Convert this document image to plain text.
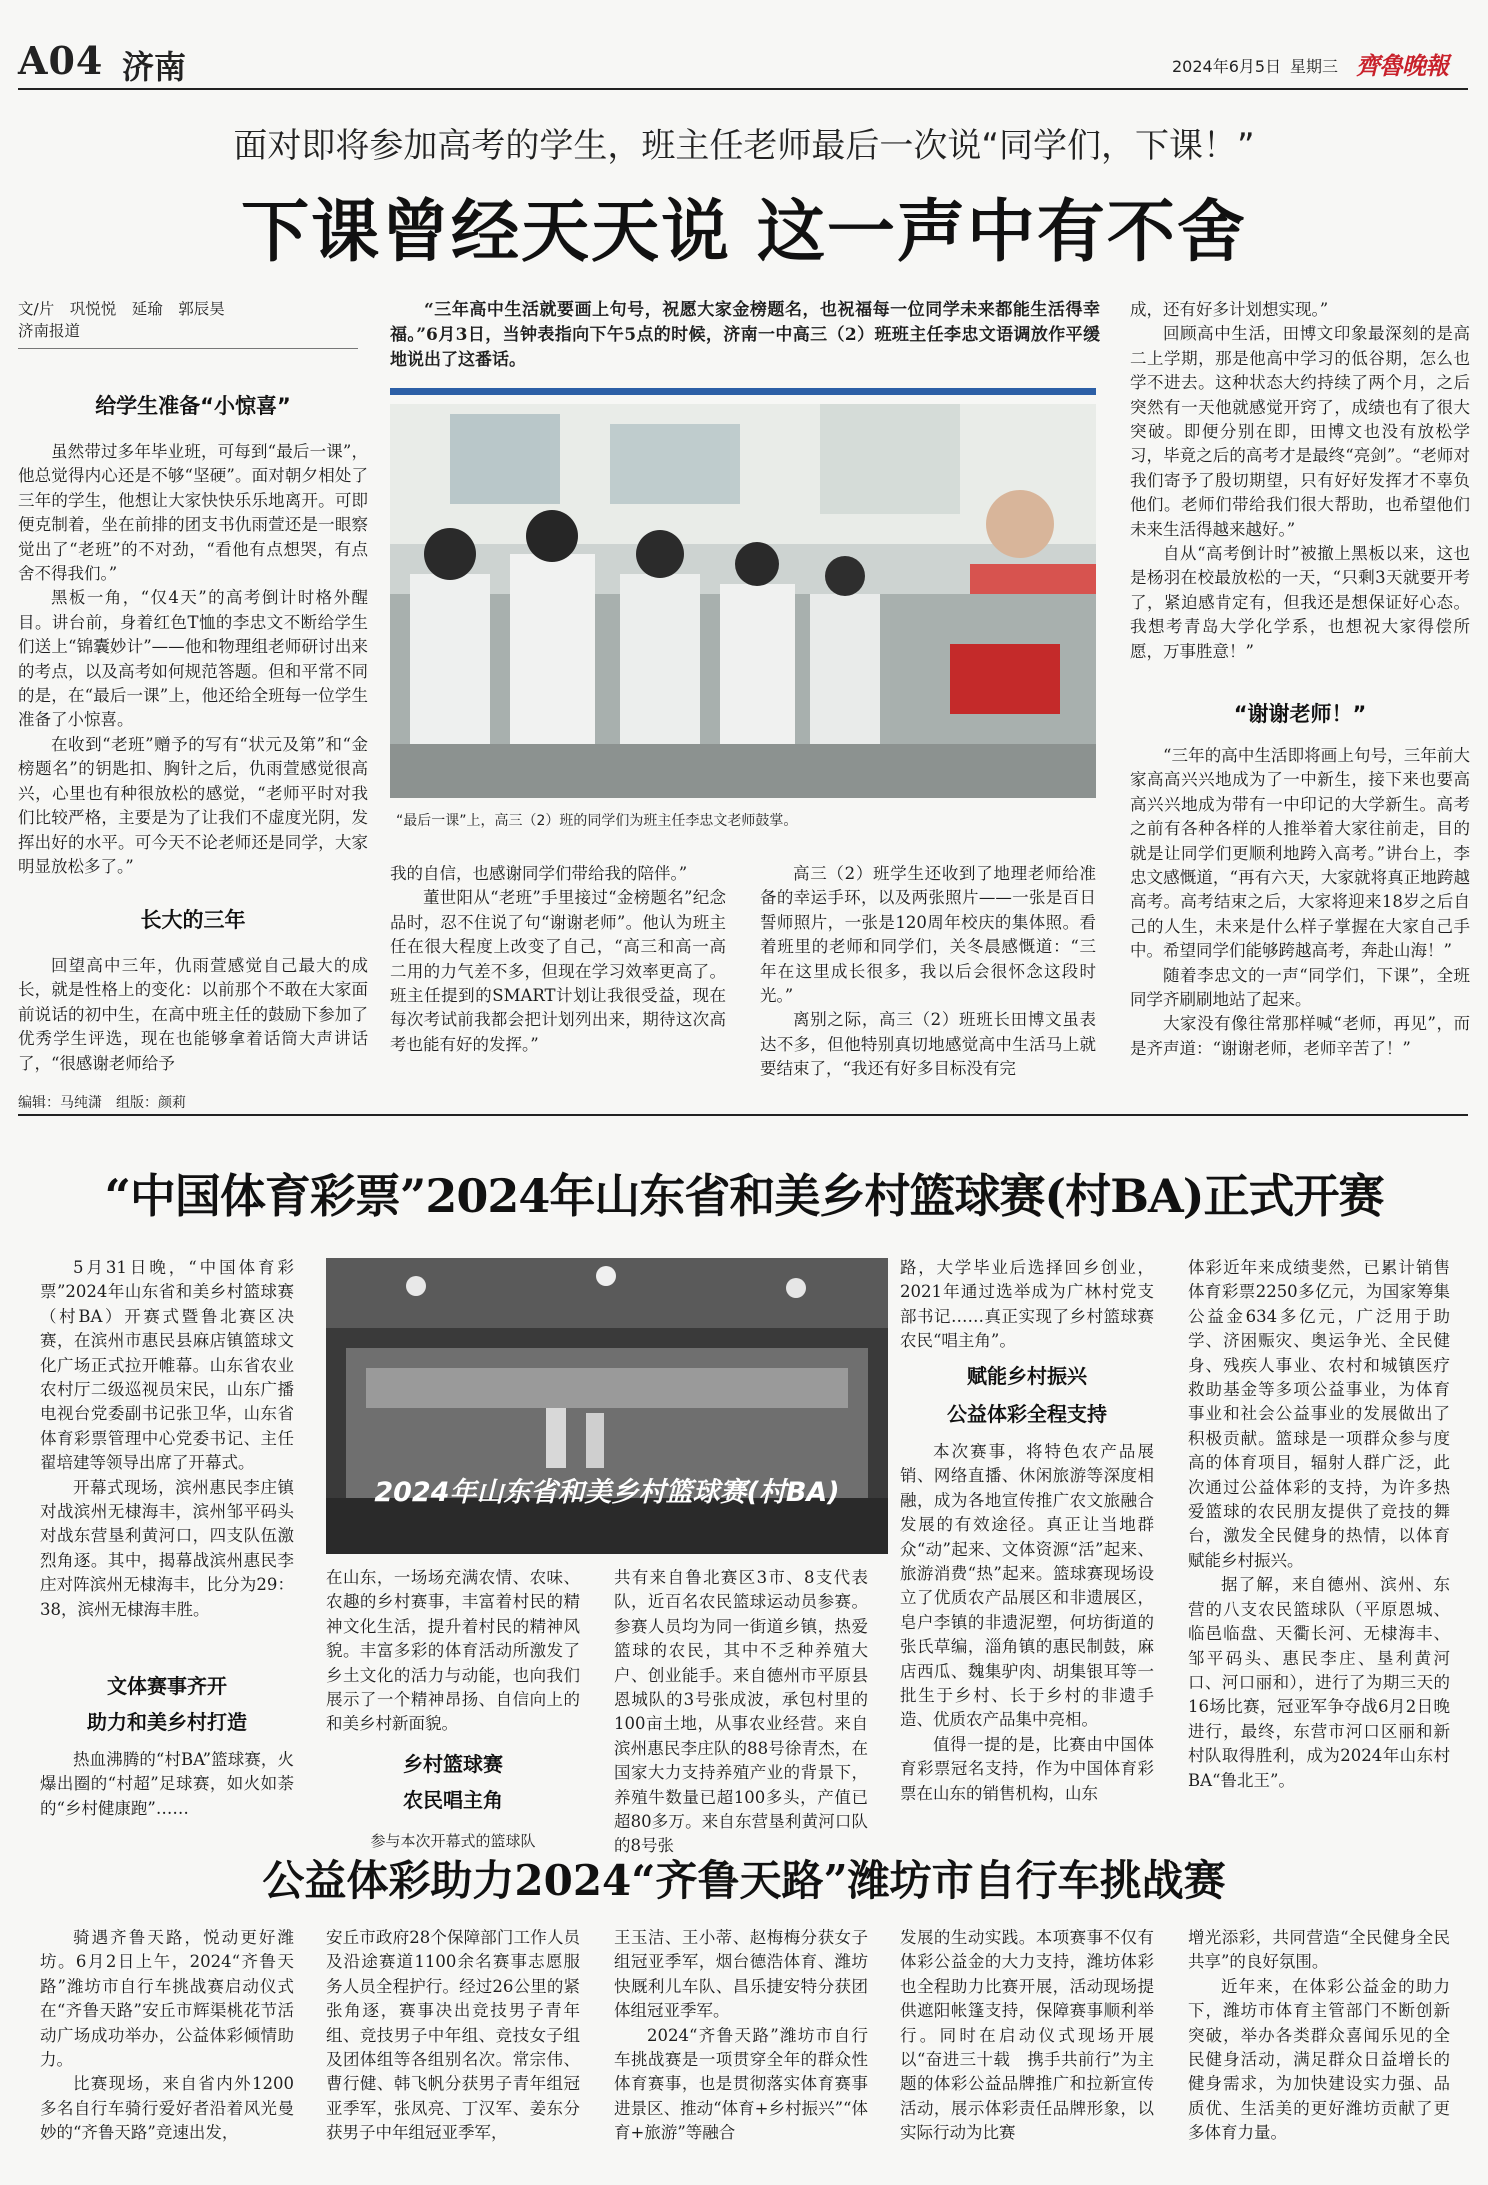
A04 济南	2024年6月5日 星期三 齊魯晚報
面对即将参加高考的学生，班主任老师最后一次说“同学们，下课！”
下课曾经天天说 这一声中有不舍
文/片　巩悦悦　延瑜　郭辰昊
济南报道
给学生准备“小惊喜”

虽然带过多年毕业班，可每到“最后一课”，他总觉得内心还是不够“坚硬”。面对朝夕相处了三年的学生，他想让大家快快乐乐地离开。可即便克制着，坐在前排的团支书仇雨萱还是一眼察觉出了“老班”的不对劲，“看他有点想哭，有点舍不得我们。”

黑板一角，“仅4天”的高考倒计时格外醒目。讲台前，身着红色T恤的李忠文不断给学生们送上“锦囊妙计”——他和物理组老师研讨出来的考点，以及高考如何规范答题。但和平常不同的是，在“最后一课”上，他还给全班每一位学生准备了小惊喜。

在收到“老班”赠予的写有“状元及第”和“金榜题名”的钥匙扣、胸针之后，仇雨萱感觉很高兴，心里也有种很放松的感觉，“老师平时对我们比较严格，主要是为了让我们不虚度光阴，发挥出好的水平。可今天不论老师还是同学，大家明显放松多了。”

长大的三年

回望高中三年，仇雨萱感觉自己最大的成长，就是性格上的变化：以前那个不敢在大家面前说话的初中生，在高中班主任的鼓励下参加了优秀学生评选，现在也能够拿着话筒大声讲话了，“很感谢老师给予

“三年高中生活就要画上句号，祝愿大家金榜题名，也祝福每一位同学未来都能生活得幸福。”6月3日，当钟表指向下午5点的时候，济南一中高三（2）班班主任李忠文语调放作平缓地说出了这番话。

“最后一课”上，高三（2）班的同学们为班主任李忠文老师鼓掌。

我的自信，也感谢同学们带给我的陪伴。”

董世阳从“老班”手里接过“金榜题名”纪念品时，忍不住说了句“谢谢老师”。他认为班主任在很大程度上改变了自己，“高三和高一高二用的力气差不多，但现在学习效率更高了。班主任提到的SMART计划让我很受益，现在每次考试前我都会把计划列出来，期待这次高考也能有好的发挥。”

高三（2）班学生还收到了地理老师给准备的幸运手环，以及两张照片——一张是百日誓师照片，一张是120周年校庆的集体照。看着班里的老师和同学们，关冬晨感慨道：“三年在这里成长很多，我以后会很怀念这段时光。”

离别之际，高三（2）班班长田博文虽表达不多，但他特别真切地感觉高中生活马上就要结束了，“我还有好多目标没有完

成，还有好多计划想实现。”

回顾高中生活，田博文印象最深刻的是高二上学期，那是他高中学习的低谷期，怎么也学不进去。这种状态大约持续了两个月，之后突然有一天他就感觉开窍了，成绩也有了很大突破。即便分别在即，田博文也没有放松学习，毕竟之后的高考才是最终“亮剑”。“老师对我们寄予了殷切期望，只有好好发挥才不辜负他们。老师们带给我们很大帮助，也希望他们未来生活得越来越好。”

自从“高考倒计时”被撤上黑板以来，这也是杨羽在校最放松的一天，“只剩3天就要开考了，紧迫感肯定有，但我还是想保证好心态。我想考青岛大学化学系，也想祝大家得偿所愿，万事胜意！”

“谢谢老师！”

“三年的高中生活即将画上句号，三年前大家高高兴兴地成为了一中新生，接下来也要高高兴兴地成为带有一中印记的大学新生。高考之前有各种各样的人推举着大家往前走，目的就是让同学们更顺利地跨入高考。”讲台上，李忠文感慨道，“再有六天，大家就将真正地跨越高考。高考结束之后，大家将迎来18岁之后自己的人生，未来是什么样子掌握在大家自己手中。希望同学们能够跨越高考，奔赴山海！”

随着李忠文的一声“同学们，下课”，全班同学齐刷刷地站了起来。

大家没有像往常那样喊“老师，再见”，而是齐声道：“谢谢老师，老师辛苦了！”

编辑：马纯潇　组版：颜莉
“中国体育彩票”2024年山东省和美乡村篮球赛(村BA)正式开赛

5月31日晚，“中国体育彩票”2024年山东省和美乡村篮球赛（村BA）开赛式暨鲁北赛区决赛，在滨州市惠民县麻店镇篮球文化广场正式拉开帷幕。山东省农业农村厅二级巡视员宋民，山东广播电视台党委副书记张卫华，山东省体育彩票管理中心党委书记、主任翟培建等领导出席了开幕式。

开幕式现场，滨州惠民李庄镇对战滨州无棣海丰，滨州邹平码头对战东营垦利黄河口，四支队伍激烈角逐。其中，揭幕战滨州惠民李庄对阵滨州无棣海丰，比分为29：38，滨州无棣海丰胜。

文体赛事齐开
助力和美乡村打造

热血沸腾的“村BA”篮球赛，火爆出圈的“村超”足球赛，如火如荼的“乡村健康跑”……

2024年山东省和美乡村篮球赛(村BA)

在山东，一场场充满农情、农味、农趣的乡村赛事，丰富着村民的精神文化生活，提升着村民的精神风貌。丰富多彩的体育活动所激发了乡土文化的活力与动能，也向我们展示了一个精神昂扬、自信向上的和美乡村新面貌。

乡村篮球赛
农民唱主角
参与本次开幕式的篮球队

共有来自鲁北赛区3市、8支代表队，近百名农民篮球运动员参赛。参赛人员均为同一街道乡镇，热爱篮球的农民，其中不乏种养殖大户、创业能手。来自德州市平原县恩城队的3号张成波，承包村里的100亩土地，从事农业经营。来自滨州惠民李庄队的88号徐青杰，在国家大力支持养殖产业的背景下，养殖牛数量已超100多头，产值已超80多万。来自东营垦利黄河口队的8号张

路，大学毕业后选择回乡创业，2021年通过选举成为广林村党支部书记……真正实现了乡村篮球赛农民“唱主角”。

赋能乡村振兴
公益体彩全程支持

本次赛事，将特色农产品展销、网络直播、休闲旅游等深度相融，成为各地宣传推广农文旅融合发展的有效途径。真正让当地群众“动”起来、文体资源“活”起来、旅游消费“热”起来。篮球赛现场设立了优质农产品展区和非遗展区，皂户李镇的非遗泥塑，何坊街道的张氏草编，淄角镇的惠民制鼓，麻店西瓜、魏集驴肉、胡集银耳等一批生于乡村、长于乡村的非遗手造、优质农产品集中亮相。

值得一提的是，比赛由中国体育彩票冠名支持，作为中国体育彩票在山东的销售机构，山东

体彩近年来成绩斐然，已累计销售体育彩票2250多亿元，为国家筹集公益金634多亿元，广泛用于助学、济困赈灾、奥运争光、全民健身、残疾人事业、农村和城镇医疗救助基金等多项公益事业，为体育事业和社会公益事业的发展做出了积极贡献。篮球是一项群众参与度高的体育项目，辐射人群广泛，此次通过公益体彩的支持，为许多热爱篮球的农民朋友提供了竞技的舞台，激发全民健身的热情，以体育赋能乡村振兴。

据了解，来自德州、滨州、东营的八支农民篮球队（平原恩城、临邑临盘、天衢长河、无棣海丰、邹平码头、惠民李庄、垦利黄河口、河口丽和），进行了为期三天的16场比赛，冠亚军争夺战6月2日晚进行，最终，东营市河口区丽和新村队取得胜利，成为2024年山东村BA“鲁北王”。

公益体彩助力2024“齐鲁天路”潍坊市自行车挑战赛

骑遇齐鲁天路，悦动更好潍坊。6月2日上午，2024“齐鲁天路”潍坊市自行车挑战赛启动仪式在“齐鲁天路”安丘市辉渠桃花节活动广场成功举办，公益体彩倾情助力。

比赛现场，来自省内外1200多名自行车骑行爱好者沿着风光曼妙的“齐鲁天路”竞速出发，

安丘市政府28个保障部门工作人员及沿途赛道1100余名赛事志愿服务人员全程护行。经过26公里的紧张角逐，赛事决出竞技男子青年组、竞技男子中年组、竞技女子组及团体组等各组别名次。常宗伟、曹行健、韩飞帆分获男子青年组冠亚季军，张凤亮、丁汉军、姜东分获男子中年组冠亚季军，

王玉洁、王小蒂、赵梅梅分获女子组冠亚季军，烟台德浩体育、潍坊快厩利儿车队、昌乐捷安特分获团体组冠亚季军。

2024“齐鲁天路”潍坊市自行车挑战赛是一项贯穿全年的群众性体育赛事，也是贯彻落实体育赛事进景区、推动“体育+乡村振兴”“体育+旅游”等融合

发展的生动实践。本项赛事不仅有体彩公益金的大力支持，潍坊体彩也全程助力比赛开展，活动现场提供遮阳帐篷支持，保障赛事顺利举行。同时在启动仪式现场开展以“奋进三十载　携手共前行”为主题的体彩公益品牌推广和拉新宣传活动，展示体彩责任品牌形象，以实际行动为比赛

增光添彩，共同营造“全民健身全民共享”的良好氛围。

近年来，在体彩公益金的助力下，潍坊市体育主管部门不断创新突破，举办各类群众喜闻乐见的全民健身活动，满足群众日益增长的健身需求，为加快建设实力强、品质优、生活美的更好潍坊贡献了更多体育力量。
